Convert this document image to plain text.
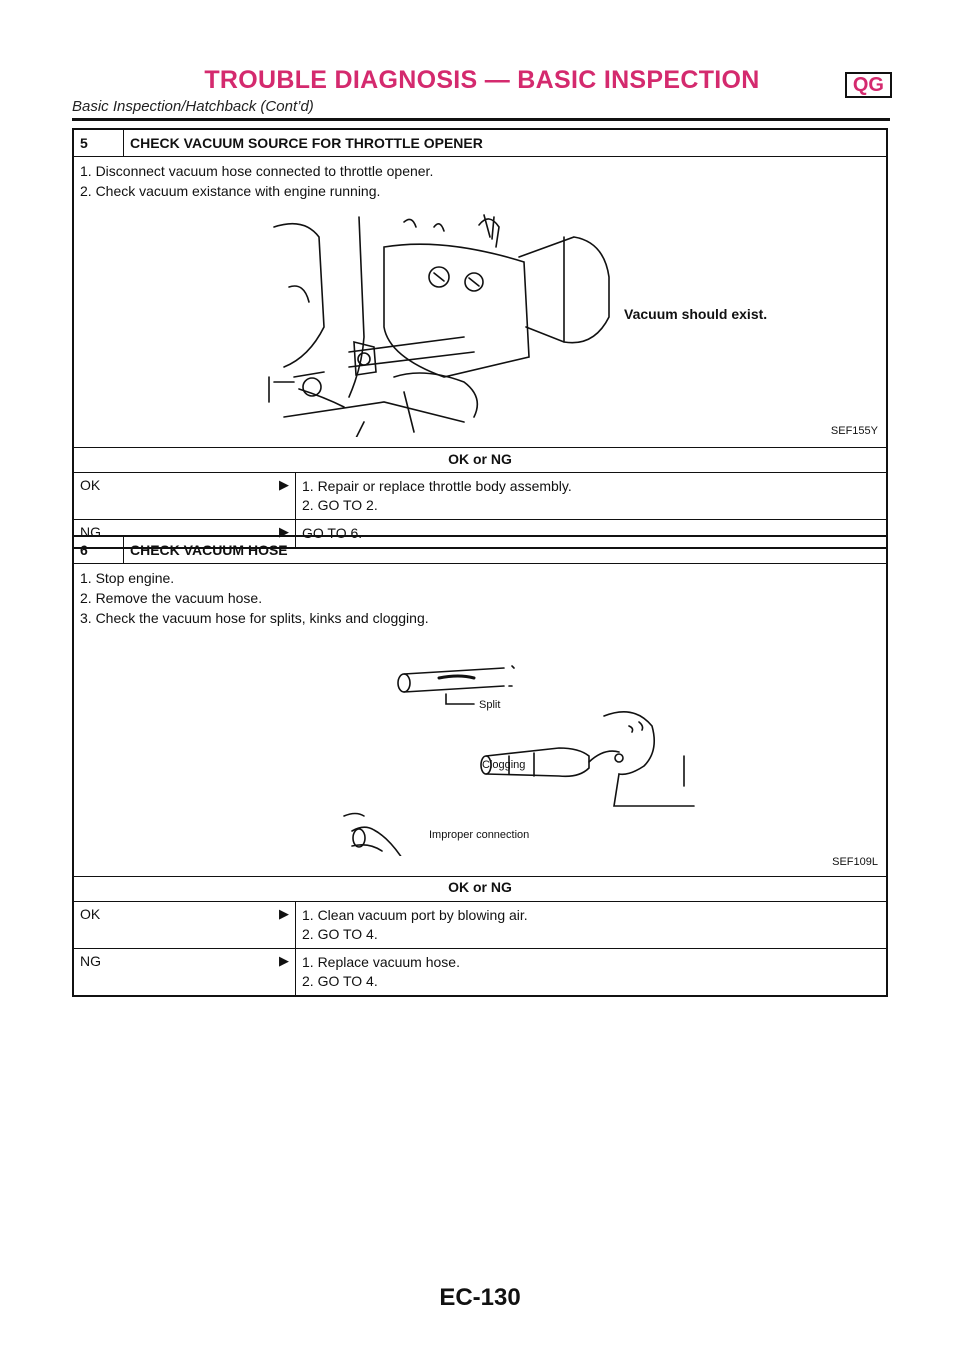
TROUBLE DIAGNOSIS — BASIC INSPECTION	QG
Basic Inspection/Hatchback (Cont’d)
5	CHECK VACUUM SOURCE FOR THROTTLE OPENER
1. Disconnect vacuum hose connected to throttle opener.
2. Check vacuum existance with engine running.
Vacuum should exist.
SEF155Y
OK or NG
OK	▶ 1. Repair or replace throttle body assembly.
2. GO TO 2.
NG	▶ GO TO 6.
6	CHECK VACUUM HOSE
1. Stop engine.
2. Remove the vacuum hose.
3. Check the vacuum hose for splits, kinks and clogging.
Split
Clogging
Improper connection
SEF109L
OK or NG
OK	▶ 1. Clean vacuum port by blowing air.
2. GO TO 4.
NG	▶ 1. Replace vacuum hose.
2. GO TO 4.
EC-130
